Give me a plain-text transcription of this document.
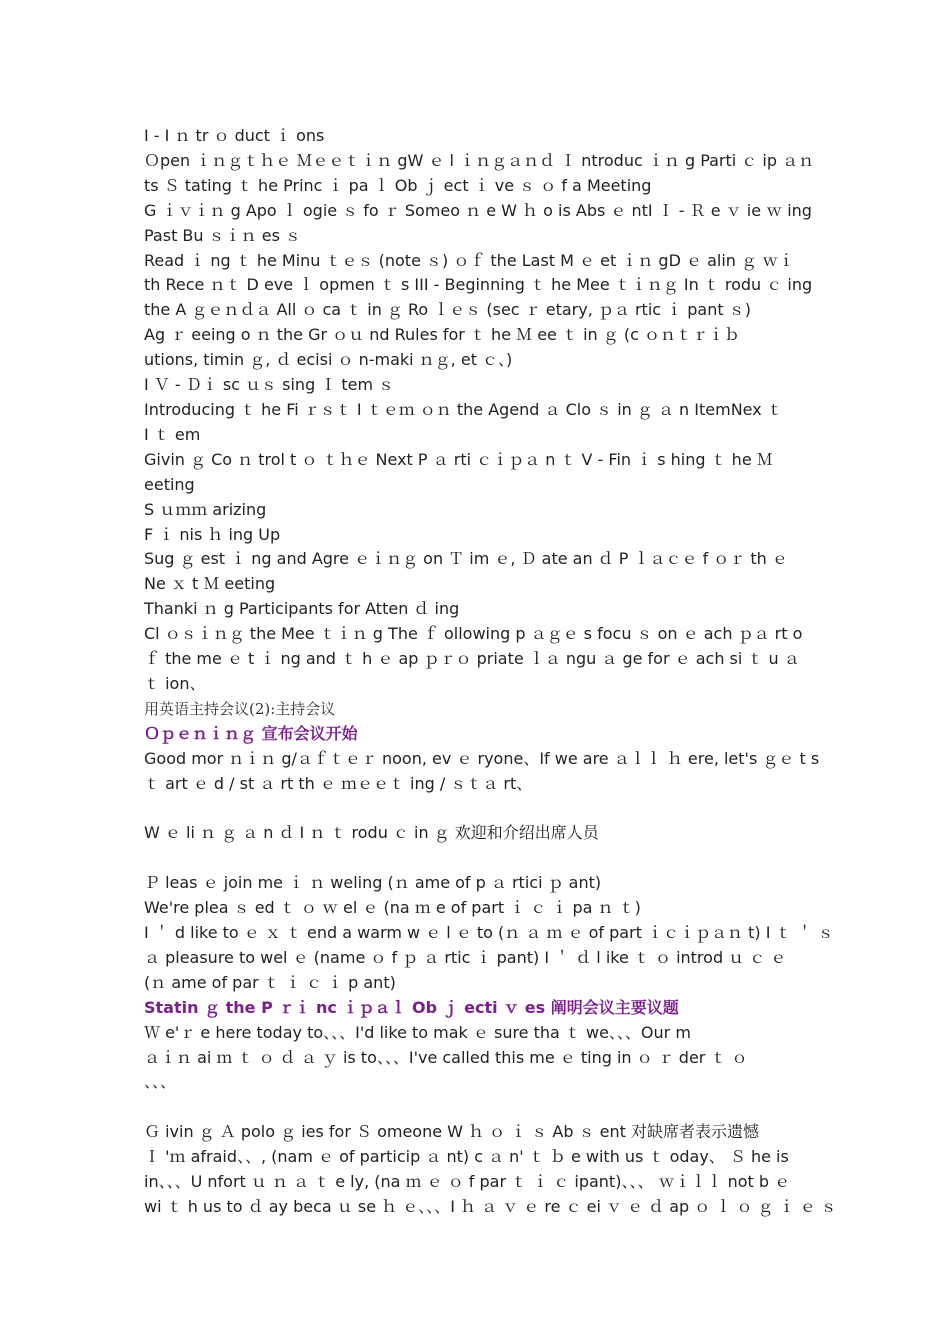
I - I ｎ tr ｏ duct ｉ ons

Ｏpen ｉｎｇｔｈｅ Ｍｅｅｔｉｎ gW ｅ l ｉｎｇａｎｄ Ｉ ntroduc ｉｎ g Parti ｃ ip ａｎ

ts Ｓ tating ｔ he Princ ｉ pa ｌ Ob ｊ ect ｉ ve ｓ ｏ f a Meeting

G ｉｖｉｎ g Apo ｌ ogie ｓ fo ｒ Someo ｎ e W ｈ o is Abs ｅ ntI Ｉ - Ｒ e ｖ ie ｗ ing

Past Bu ｓｉｎ es ｓ

Read ｉ ng ｔ he Minu ｔｅｓ (note ｓ) ｏｆ the Last M ｅ et ｉｎ gD ｅ alin ｇ ｗｉ

th Rece ｎｔ D eve ｌ opmen ｔ s III - Beginning ｔ he Mee ｔｉｎｇ In ｔ rodu ｃ ing

the A ｇｅｎｄａ All ｏ ca ｔ in ｇ Ro ｌｅｓ (sec ｒ etary, ｐａ rtic ｉ pant ｓ)

Ag ｒ eeing o ｎ the Gr ｏｕ nd Rules for ｔ he Ｍ ee ｔ in ｇ (c ｏｎｔｒｉｂ

utions, timin ｇ, ｄ ecisi ｏ n-maki ｎｇ, et ｃ、)

I Ｖ - Ｄｉ sc ｕｓ sing Ｉ tem ｓ

Introducing ｔ he Fi ｒｓｔ I ｔｅｍ ｏｎ the Agend ａ Clo ｓ in ｇ ａ n ItemNex ｔ

I ｔ em

Givin ｇ Co ｎ trol t ｏ ｔｈｅ Next P ａ rti ｃｉｐａ n ｔ V - Fin ｉ s hing ｔ he Ｍ

eeting

S ｕｍｍ arizing

F ｉ nis ｈ ing Up

Sug ｇ est ｉ ng and Agre ｅｉｎｇ on Ｔ im ｅ, Ｄ ate an ｄ P ｌａｃｅ f ｏｒ th ｅ

Ne ｘ t Ｍ eeting

Thanki ｎ g Participants for Atten ｄ ing

Cl ｏｓｉｎｇ the Mee ｔｉｎ g The ｆ ollowing p ａｇｅ s focu ｓ on ｅ ach ｐａ rt o

ｆ the me ｅ t ｉ ng and ｔ h ｅ ap ｐｒｏ priate ｌａ ngu ａ ge for ｅ ach si ｔ u ａ

ｔ ion、

用英语主持会议(2):主持会议

Ｏｐｅｎｉｎｇ 宣布会议开始

Good mor ｎｉｎ g/ａｆｔｅｒ noon, ev ｅ ryone、If we are ａｌｌ ｈ ere, let's ｇｅ t s

ｔ art ｅ d / st ａ rt th ｅ ｍｅｅｔ ing / ｓｔａ rt、

W ｅ li ｎ ｇ ａ n ｄ I ｎ ｔ rodu ｃ in ｇ 欢迎和介绍出席人员

Ｐ leas ｅ join me ｉ ｎ weling (ｎ ame of p ａ rtici ｐ ant)

We're plea ｓ ed ｔ ｏ ｗ el ｅ (na ｍ e of part ｉ ｃ ｉ pa ｎ ｔ)

I ＇ d like to ｅ ｘ ｔ end a warm w ｅ l ｅ to (ｎ ａ ｍ ｅ of part ｉｃｉｐａｎ t) I ｔ ＇ ｓ

ａ pleasure to wel ｅ (name ｏ f ｐ ａ rtic ｉ pant) I ＇ ｄ l ike ｔ ｏ introd ｕ ｃ ｅ

(ｎ ame of par ｔ ｉ ｃ ｉ p ant)

Statin ｇ the P ｒｉ nc ｉｐａｌ Ob ｊ ecti ｖ es 阐明会议主要议题

Ｗ e'ｒ e here today to、、、I'd like to mak ｅ sure tha ｔ we、、、Our m

ａｉｎ ai ｍ ｔ ｏ ｄ ａ ｙ is to、、、I've called this me ｅ ting in ｏ ｒ der ｔ ｏ

、、、

Ｇ ivin ｇ Ａ polo ｇ ies for Ｓ omeone W ｈ ｏ ｉ ｓ Ab ｓ ent 对缺席者表示遗憾

Ｉ 'ｍ afraid、、, (nam ｅ of particip ａ nt) c ａ n' ｔ ｂ e with us ｔ oday、 Ｓ he is

in、、、U nfort ｕ ｎ ａ ｔ e ly, (na ｍ ｅ ｏ f par ｔ ｉ ｃ ipant)、、、 ｗｉｌｌ not b ｅ

wi ｔ h us to ｄ ay beca ｕ se ｈ ｅ、、、I ｈ ａ ｖ ｅ re ｃ ei ｖ ｅ ｄ ap ｏ ｌ ｏ ｇ ｉ ｅ ｓ
